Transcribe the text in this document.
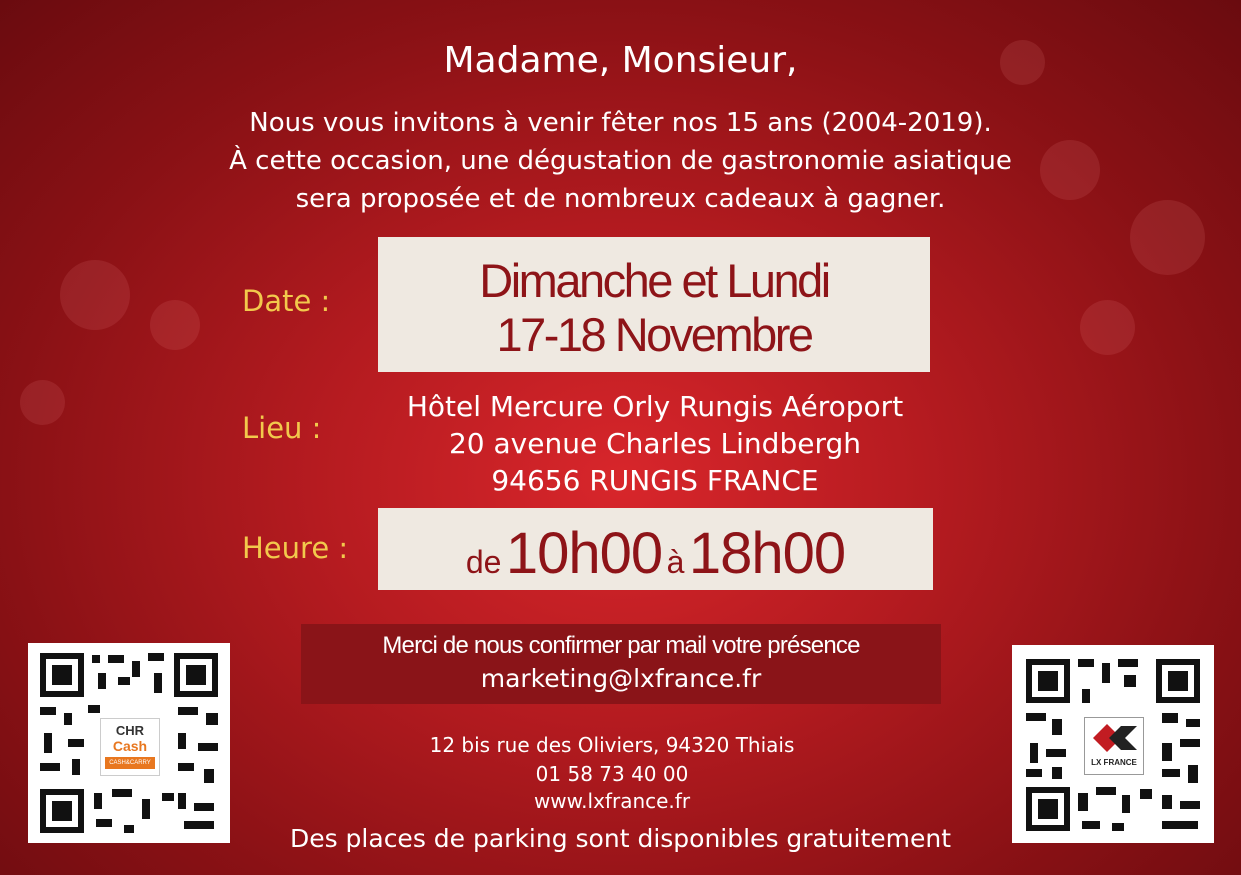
Madame, Monsieur,
Nous vous invitons à venir fêter nos 15 ans (2004-2019).
À cette occasion, une dégustation de gastronomie asiatique
sera proposée et de nombreux cadeaux à gagner.
Date :
Lieu :
Heure :
Dimanche et Lundi
17-18 Novembre
Hôtel Mercure Orly Rungis Aéroport
20 avenue Charles Lindbergh
94656 RUNGIS FRANCE
de 10h00 à 18h00
Merci de nous confirmer par mail votre présence
marketing@lxfrance.fr
12 bis rue des Oliviers, 94320 Thiais
01 58 73 40 00
www.lxfrance.fr
Des places de parking sont disponibles gratuitement
CHR
Cash
CASH&CARRY	LX FRANCE
